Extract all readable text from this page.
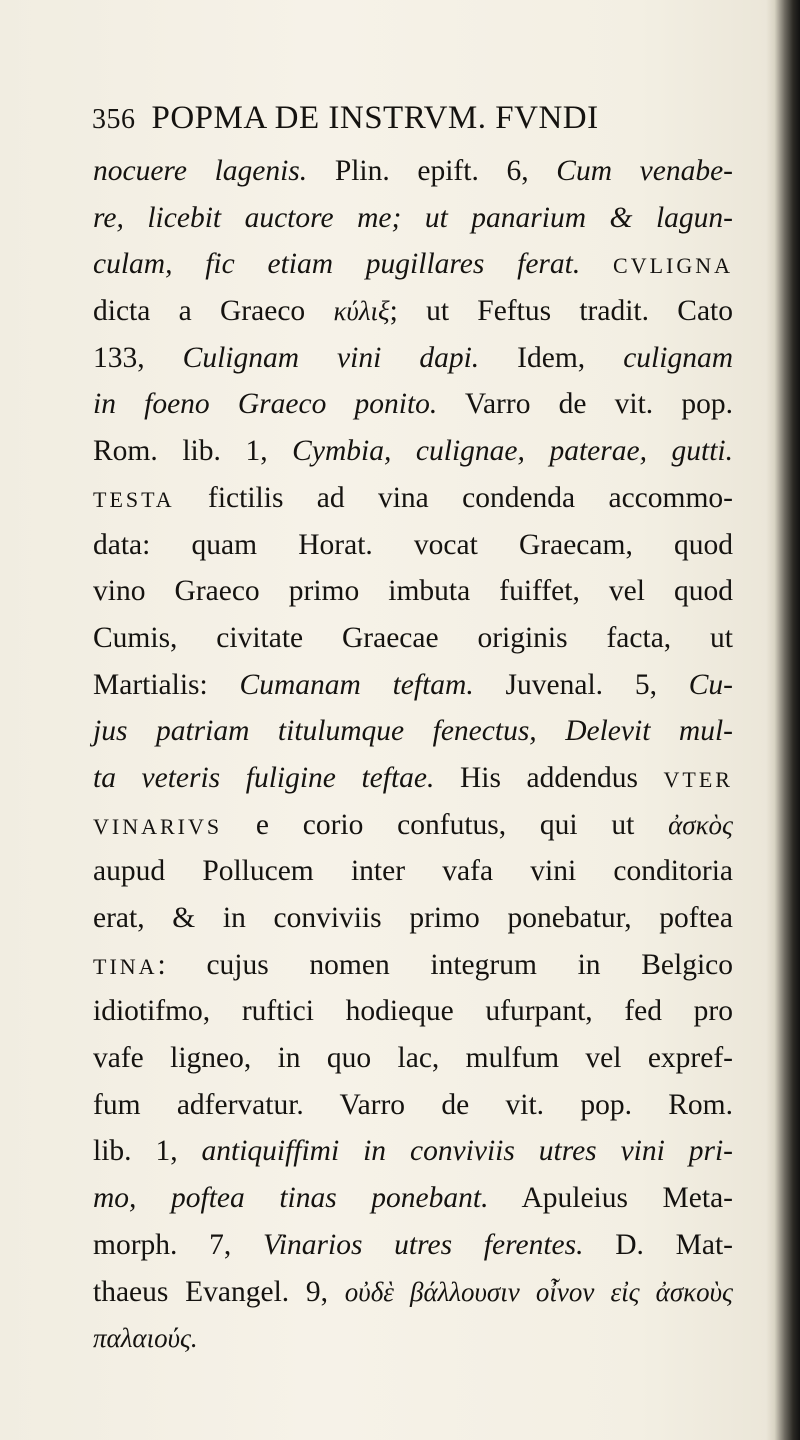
356 POPMA DE INSTRVM. FVNDI
nocuere lagenis. Plin. epift. 6, Cum venabe-
re, licebit auctore me; ut panarium & lagun-
culam, fic etiam pugillares ferat. CVLIGNA
dicta a Graeco κύλιξ; ut Feftus tradit. Cato
133, Culignam vini dapi. Idem, culignam
in foeno Graeco ponito. Varro de vit. pop.
Rom. lib. 1, Cymbia, culignae, paterae, gutti.
TESTA fictilis ad vina condenda accommo-
data: quam Horat. vocat Graecam, quod
vino Graeco primo imbuta fuiffet, vel quod
Cumis, civitate Graecae originis facta, ut
Martialis: Cumanam teftam. Juvenal. 5, Cu-
jus patriam titulumque fenectus, Delevit mul-
ta veteris fuligine teftae. His addendus VTER
VINARIVS e corio confutus, qui ut ἀσκὸς
aupud Pollucem inter vafa vini conditoria
erat, & in conviviis primo ponebatur, poftea
TINA: cujus nomen integrum in Belgico
idiotifmo, ruftici hodieque ufurpant, fed pro
vafe ligneo, in quo lac, mulfum vel expref-
fum adfervatur. Varro de vit. pop. Rom.
lib. 1, antiquiffimi in conviviis utres vini pri-
mo, poftea tinas ponebant. Apuleius Meta-
morph. 7, Vinarios utres ferentes. D. Mat-
thaeus Evangel. 9, οὐδὲ βάλλουσιν οἶνον εἰς ἀσκοὺς
παλαιούς.
